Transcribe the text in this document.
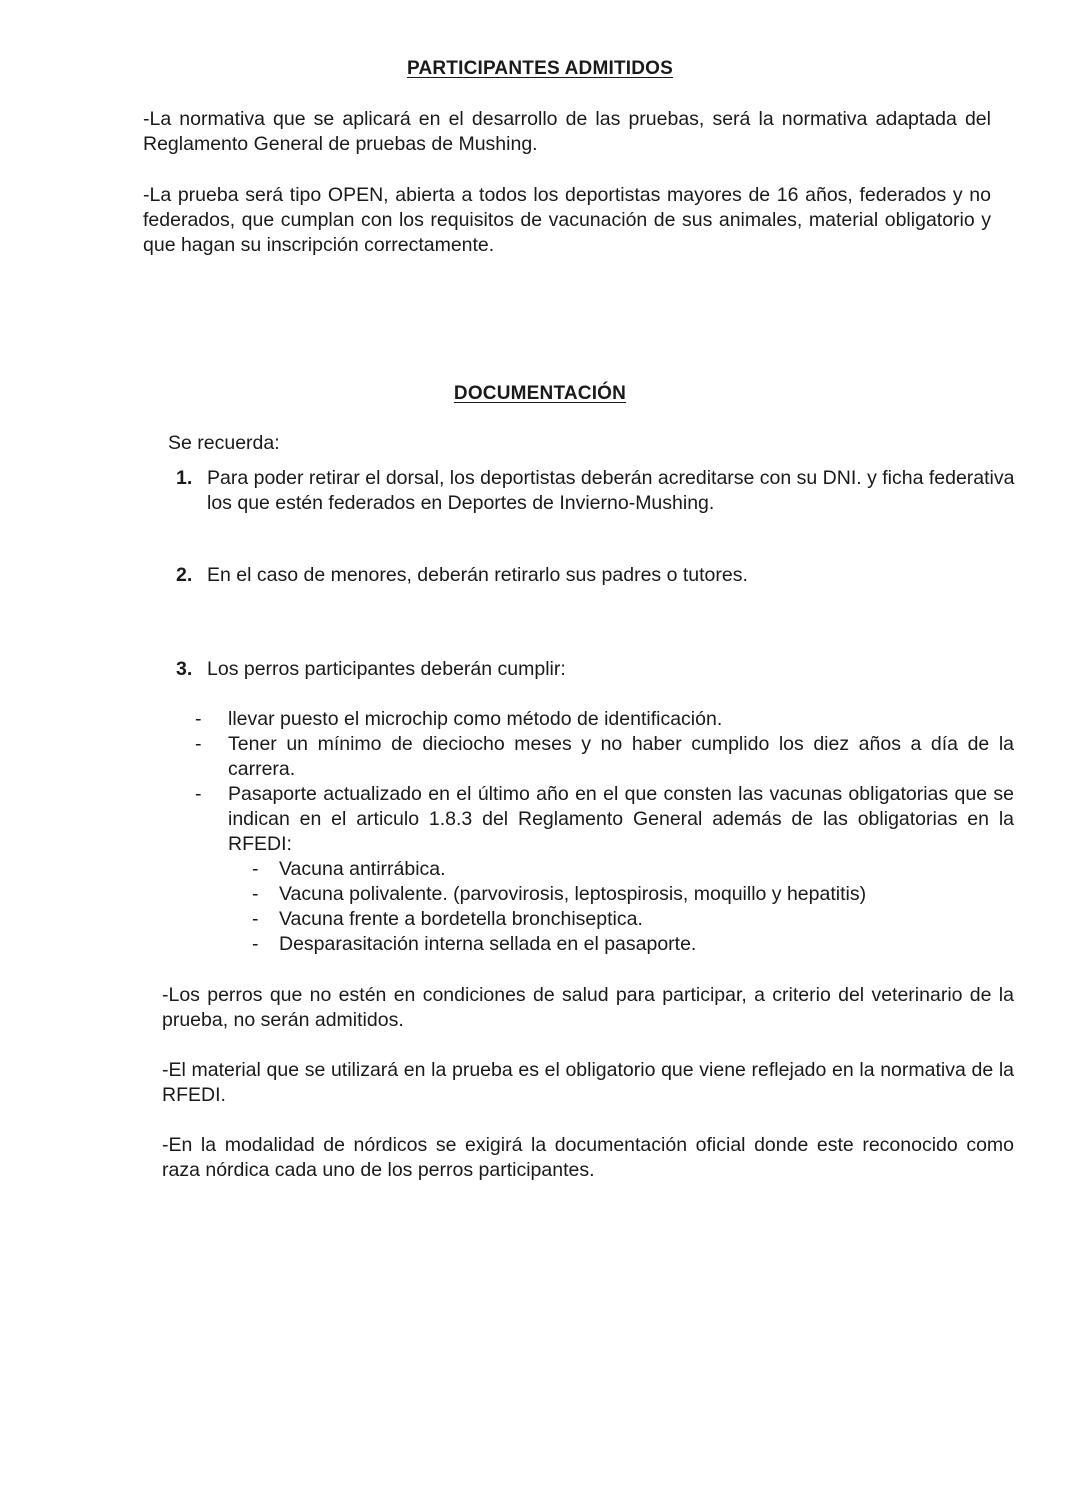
PARTICIPANTES ADMITIDOS
-La normativa que se aplicará en el desarrollo de las pruebas, será la normativa adaptada del Reglamento General de pruebas de Mushing.
-La prueba será tipo OPEN, abierta a todos los deportistas mayores de 16 años, federados y no federados, que cumplan con los requisitos de vacunación de sus animales, material obligatorio y que hagan su inscripción correctamente.
DOCUMENTACIÓN
Se recuerda:
1. Para poder retirar el dorsal, los deportistas deberán acreditarse con su DNI. y ficha federativa los que estén federados en Deportes de Invierno-Mushing.
2. En el caso de menores, deberán retirarlo sus padres o tutores.
3. Los perros participantes deberán cumplir:
- llevar puesto el microchip como método de identificación.
- Tener un mínimo de dieciocho meses y no haber cumplido los diez años a día de la carrera.
- Pasaporte actualizado en el último año en el que consten las vacunas obligatorias que se indican en el articulo 1.8.3 del Reglamento General además de las obligatorias en la RFEDI:
- Vacuna antirrábica.
- Vacuna polivalente. (parvovirosis, leptospirosis, moquillo y hepatitis)
- Vacuna frente a bordetella bronchiseptica.
- Desparasitación interna sellada en el pasaporte.
-Los perros que no estén en condiciones de salud para participar, a criterio del veterinario de la prueba, no serán admitidos.
-El material que se utilizará en la prueba es el obligatorio que viene reflejado en la normativa de la RFEDI.
-En la modalidad de nórdicos se exigirá la documentación oficial donde este reconocido como raza nórdica cada uno de los perros participantes.
